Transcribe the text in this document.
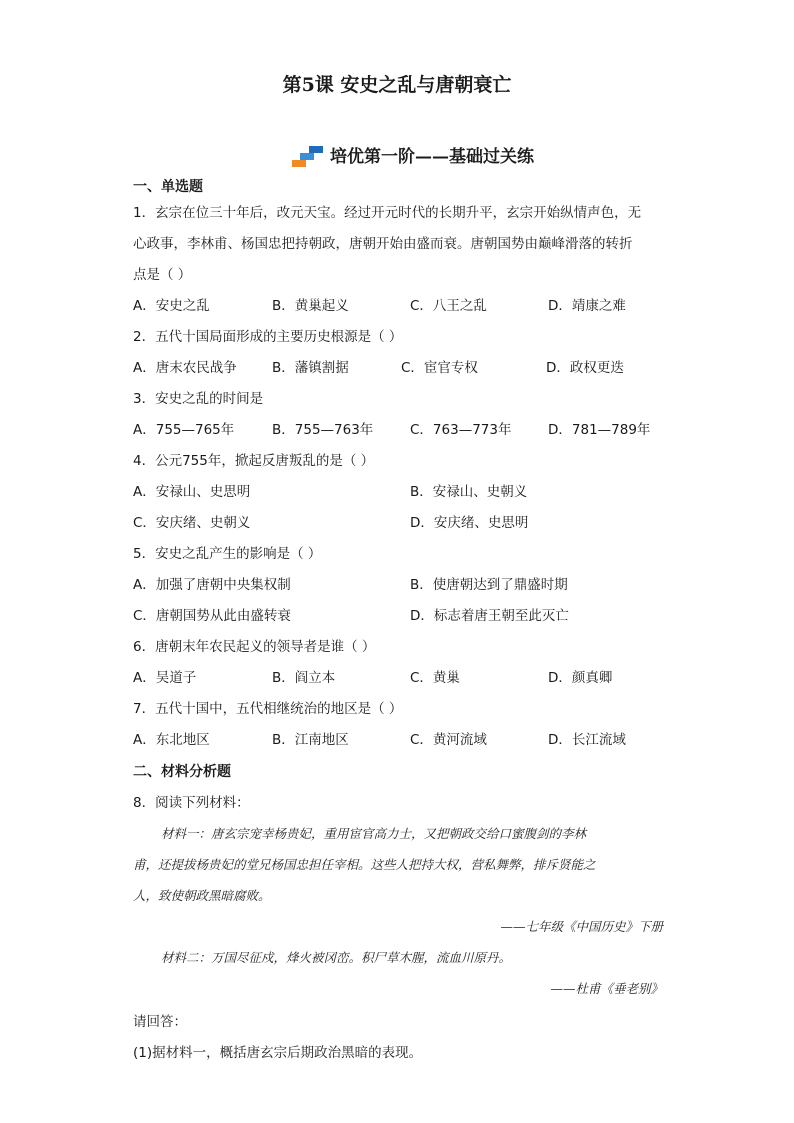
第5课 安史之乱与唐朝衰亡
培优第一阶——基础过关练
一、单选题
1．玄宗在位三十年后，改元天宝。经过开元时代的长期升平，玄宗开始纵情声色，无
心政事，李林甫、杨国忠把持朝政，唐朝开始由盛而衰。唐朝国势由巅峰滑落的转折
点是（ ）
A．安史之乱	B．黄巢起义	C．八王之乱	D．靖康之难
2．五代十国局面形成的主要历史根源是（ ）
A．唐末农民战争	B．藩镇割据	C．宦官专权	D．政权更迭
3．安史之乱的时间是
A．755—765年	B．755—763年	C．763—773年	D．781—789年
4．公元755年，掀起反唐叛乱的是（ ）
A．安禄山、史思明	B．安禄山、史朝义
C．安庆绪、史朝义	D．安庆绪、史思明
5．安史之乱产生的影响是（ ）
A．加强了唐朝中央集权制	B．使唐朝达到了鼎盛时期
C．唐朝国势从此由盛转衰	D．标志着唐王朝至此灭亡
6．唐朝末年农民起义的领导者是谁（ ）
A．吴道子	B．阎立本	C．黄巢	D．颜真卿
7．五代十国中，五代相继统治的地区是（ ）
A．东北地区	B．江南地区	C．黄河流域	D．长江流域
二、材料分析题
8．阅读下列材料：
材料一：唐玄宗宠幸杨贵妃，重用宦官高力士，又把朝政交给口蜜腹剑的李林
甫，还提拔杨贵妃的堂兄杨国忠担任宰相。这些人把持大权，营私舞弊，排斥贤能之
人，致使朝政黑暗腐败。
——七年级《中国历史》下册
材料二：万国尽征戍，烽火被冈峦。积尸草木腥，流血川原丹。
——杜甫《垂老别》
请回答：
(1)据材料一，概括唐玄宗后期政治黑暗的表现。
